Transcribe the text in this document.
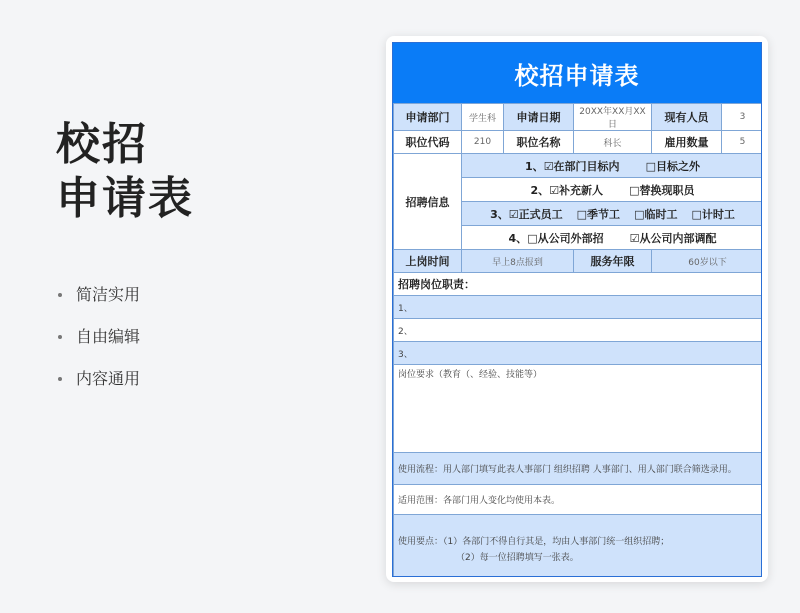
校招
申请表
简洁实用
自由编辑
内容通用
校招申请表
申请部门	学生科	申请日期	20XX年XX月XX日	现有人员	3
职位代码	210	职位名称	科长	雇用数量	5
招聘信息	1、☑在部门目标内 □目标之外				
	2、☑补充新人 □替换现职员				
	3、☑正式员工 □季节工 □临时工 □计时工				
	4、□从公司外部招 ☑从公司内部调配				
上岗时间	早上8点报到		服务年限	60岁以下	
招聘岗位职责：					
1、					
2、					
3、					
岗位要求（教育（、经验、技能等）					
使用流程：用人部门填写此表人事部门 组织招聘 人事部门、用人部门联合筛选录用。					
适用范围：各部门用人变化均使用本表。					

使用要点：（1）各部门不得自行其是，均由人事部门统一组织招聘；
（2）每一位招聘填写一张表。					
